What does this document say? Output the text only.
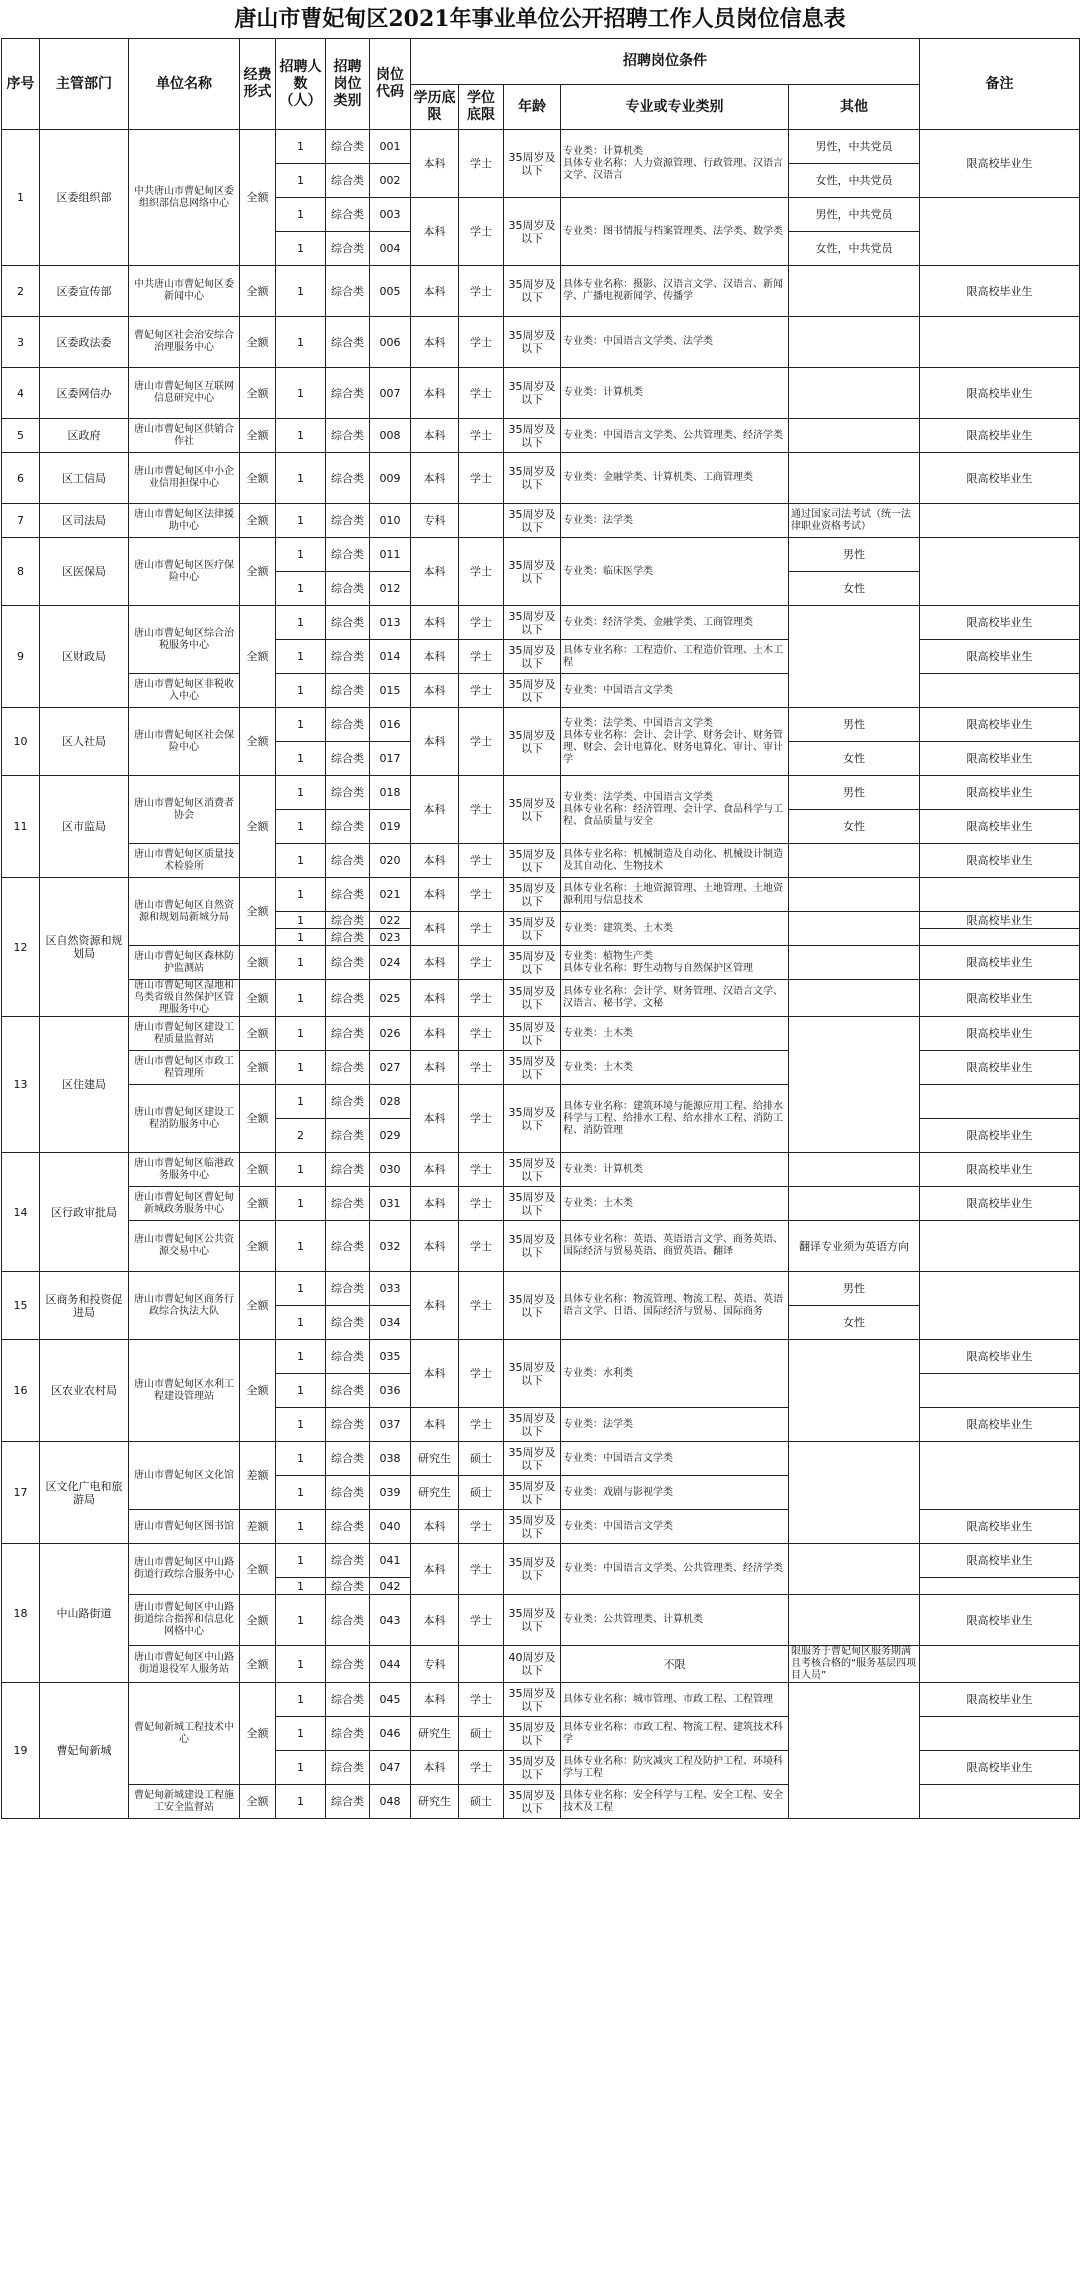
唐山市曹妃甸区2021年事业单位公开招聘工作人员岗位信息表
序号	主管部门	单位名称	经费形式	招聘人数（人）	招聘岗位类别	岗位代码	招聘岗位条件					备注
							学历底限	学位底限	年龄	专业或专业类别	其他	
1	区委组织部	中共唐山市曹妃甸区委组织部信息网络中心	全额	1	综合类	001	本科	学士	35周岁及以下	专业类：计算机类
具体专业名称：人力资源管理、行政管理、汉语言文学、汉语言	男性，中共党员	限高校毕业生

				1	综合类	002					女性，中共党员	

				1	综合类	003	本科	学士	35周岁及以下	专业类：图书情报与档案管理类、法学类、数学类	男性，中共党员	

				1	综合类	004					女性，中共党员	

2	区委宣传部	中共唐山市曹妃甸区委新闻中心	全额	1	综合类	005	本科	学士	35周岁及以下	具体专业名称：摄影、汉语言文学、汉语言、新闻学、广播电视新闻学、传播学		限高校毕业生

3	区委政法委	曹妃甸区社会治安综合治理服务中心	全额	1	综合类	006	本科	学士	35周岁及以下	专业类：中国语言文学类、法学类		

4	区委网信办	唐山市曹妃甸区互联网信息研究中心	全额	1	综合类	007	本科	学士	35周岁及以下	专业类：计算机类		限高校毕业生

5	区政府	唐山市曹妃甸区供销合作社	全额	1	综合类	008	本科	学士	35周岁及以下	专业类：中国语言文学类、公共管理类、经济学类		限高校毕业生

6	区工信局	唐山市曹妃甸区中小企业信用担保中心	全额	1	综合类	009	本科	学士	35周岁及以下	专业类：金融学类、计算机类、工商管理类		限高校毕业生

7	区司法局	唐山市曹妃甸区法律援助中心	全额	1	综合类	010	专科		35周岁及以下	专业类：法学类	通过国家司法考试（统一法律职业资格考试）	

8	区医保局	唐山市曹妃甸区医疗保险中心	全额	1	综合类	011	本科	学士	35周岁及以下	专业类：临床医学类	男性	

				1	综合类	012					女性	

9	区财政局	唐山市曹妃甸区综合治税服务中心	全额	1	综合类	013	本科	学士	35周岁及以下	专业类：经济学类、金融学类、工商管理类		限高校毕业生

				1	综合类	014	本科	学士	35周岁及以下	具体专业名称：工程造价、工程造价管理、土木工程		限高校毕业生

		唐山市曹妃甸区非税收入中心		1	综合类	015	本科	学士	35周岁及以下	专业类：中国语言文学类		

10	区人社局	唐山市曹妃甸区社会保险中心	全额	1	综合类	016	本科	学士	35周岁及以下	专业类：法学类、中国语言文学类
具体专业名称：会计、会计学、财务会计、财务管理、财会、会计电算化、财务电算化、审计、审计学	男性	限高校毕业生

				1	综合类	017					女性	限高校毕业生

11	区市监局	唐山市曹妃甸区消费者协会	全额	1	综合类	018	本科	学士	35周岁及以下	专业类：法学类、中国语言文学类
具体专业名称：经济管理、会计学、食品科学与工程、食品质量与安全	男性	限高校毕业生

				1	综合类	019					女性	限高校毕业生

		唐山市曹妃甸区质量技术检验所		1	综合类	020	本科	学士	35周岁及以下	具体专业名称：机械制造及自动化、机械设计制造及其自动化、生物技术		限高校毕业生

12	区自然资源和规划局	唐山市曹妃甸区自然资源和规划局新城分局	全额	1	综合类	021	本科	学士	35周岁及以下	具体专业名称：土地资源管理、土地管理、土地资源利用与信息技术		

				1	综合类	022	本科	学士	35周岁及以下	专业类：建筑类、土木类		限高校毕业生
				1	综合类	023						
		唐山市曹妃甸区森林防护监测站	全额	1	综合类	024	本科	学士	35周岁及以下	专业类：植物生产类
具体专业名称：野生动物与自然保护区管理		限高校毕业生

		唐山市曹妃甸区湿地和鸟类省级自然保护区管理服务中心	全额	1	综合类	025	本科	学士	35周岁及以下	具体专业名称：会计学、财务管理、汉语言文学、汉语言、秘书学、文秘		限高校毕业生

13	区住建局	唐山市曹妃甸区建设工程质量监督站	全额	1	综合类	026	本科	学士	35周岁及以下	专业类：土木类		限高校毕业生

		唐山市曹妃甸区市政工程管理所	全额	1	综合类	027	本科	学士	35周岁及以下	专业类：土木类		限高校毕业生

		唐山市曹妃甸区建设工程消防服务中心	全额	1	综合类	028	本科	学士	35周岁及以下	具体专业名称：建筑环境与能源应用工程、给排水科学与工程、给排水工程、给水排水工程、消防工程、消防管理		

				2	综合类	029						限高校毕业生

14	区行政审批局	唐山市曹妃甸区临港政务服务中心	全额	1	综合类	030	本科	学士	35周岁及以下	专业类：计算机类		限高校毕业生

		唐山市曹妃甸区曹妃甸新城政务服务中心	全额	1	综合类	031	本科	学士	35周岁及以下	专业类：土木类		限高校毕业生

		唐山市曹妃甸区公共资源交易中心	全额	1	综合类	032	本科	学士	35周岁及以下	具体专业名称：英语、英语语言文学、商务英语、国际经济与贸易英语、商贸英语、翻译	翻译专业须为英语方向	

15	区商务和投资促进局	唐山市曹妃甸区商务行政综合执法大队	全额	1	综合类	033	本科	学士	35周岁及以下	具体专业名称：物流管理、物流工程、英语、英语语言文学、日语、国际经济与贸易、国际商务	男性	

				1	综合类	034					女性	

16	区农业农村局	唐山市曹妃甸区水利工程建设管理站	全额	1	综合类	035	本科	学士	35周岁及以下	专业类：水利类		限高校毕业生

				1	综合类	036						

				1	综合类	037	本科	学士	35周岁及以下	专业类：法学类		限高校毕业生

17	区文化广电和旅游局	唐山市曹妃甸区文化馆	差额	1	综合类	038	研究生	硕士	35周岁及以下	专业类：中国语言文学类		

				1	综合类	039	研究生	硕士	35周岁及以下	专业类：戏剧与影视学类		

		唐山市曹妃甸区图书馆	差额	1	综合类	040	本科	学士	35周岁及以下	专业类：中国语言文学类		限高校毕业生

18	中山路街道	唐山市曹妃甸区中山路街道行政综合服务中心	全额	1	综合类	041	本科	学士	35周岁及以下	专业类：中国语言文学类、公共管理类、经济学类		限高校毕业生

				1	综合类	042						
		唐山市曹妃甸区中山路街道综合指挥和信息化网格中心	全额	1	综合类	043	本科	学士	35周岁及以下	专业类：公共管理类、计算机类		限高校毕业生

		唐山市曹妃甸区中山路街道退役军人服务站	全额	1	综合类	044	专科		40周岁及以下	不限	限服务于曹妃甸区服务期满且考核合格的“服务基层四项目人员”	

19	曹妃甸新城	曹妃甸新城工程技术中心	全额	1	综合类	045	本科	学士	35周岁及以下	具体专业名称：城市管理、市政工程、工程管理		限高校毕业生

				1	综合类	046	研究生	硕士	35周岁及以下	具体专业名称：市政工程、物流工程、建筑技术科学		

				1	综合类	047	本科	学士	35周岁及以下	具体专业名称：防灾减灾工程及防护工程、环境科学与工程		限高校毕业生

		曹妃甸新城建设工程施工安全监督站	全额	1	综合类	048	研究生	硕士	35周岁及以下	具体专业名称：安全科学与工程、安全工程、安全技术及工程		
